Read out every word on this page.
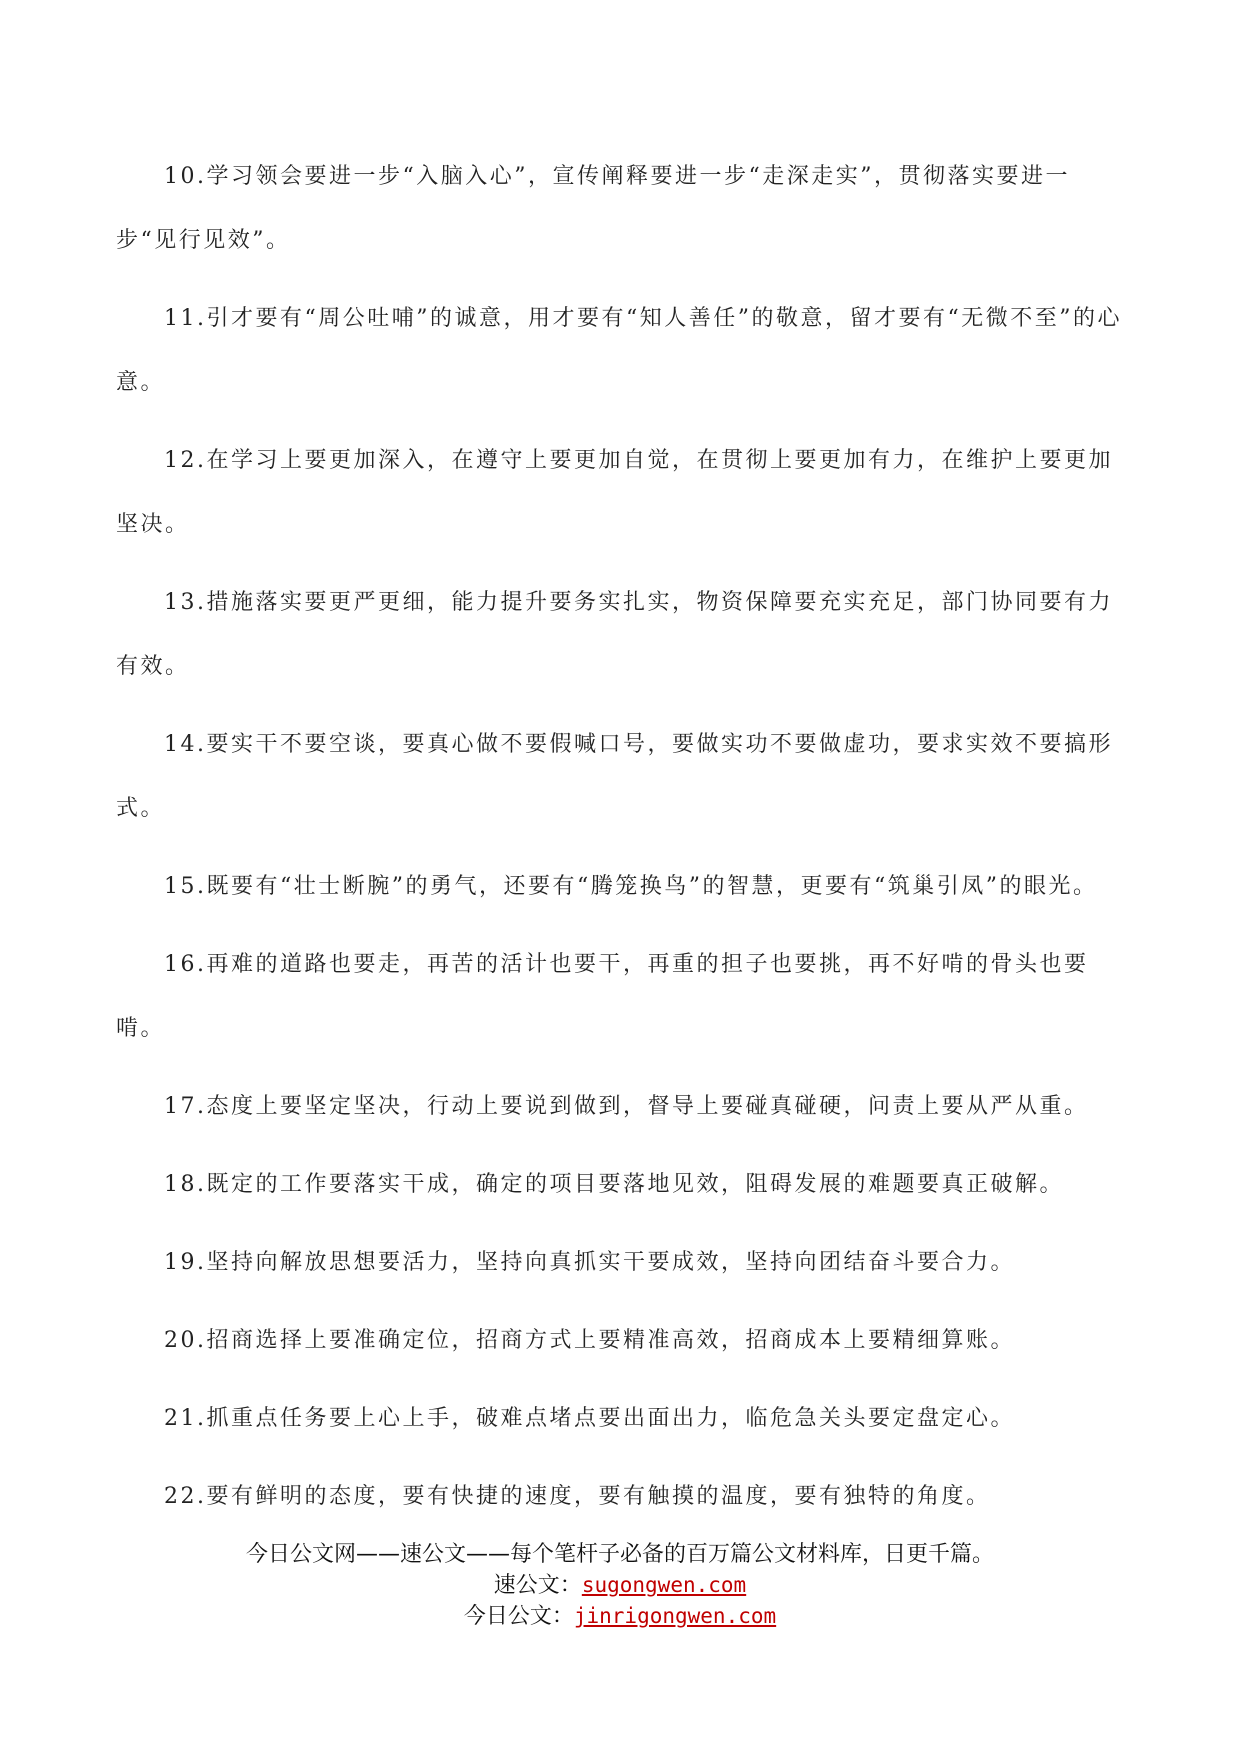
10.学习领会要进一步“入脑入心”，宣传阐释要进一步“走深走实”，贯彻落实要进一步“见行见效”。

11.引才要有“周公吐哺”的诚意，用才要有“知人善任”的敬意，留才要有“无微不至”的心意。

12.在学习上要更加深入，在遵守上要更加自觉，在贯彻上要更加有力，在维护上要更加坚决。

13.措施落实要更严更细，能力提升要务实扎实，物资保障要充实充足，部门协同要有力有效。

14.要实干不要空谈，要真心做不要假喊口号，要做实功不要做虚功，要求实效不要搞形式。

15.既要有“壮士断腕”的勇气，还要有“腾笼换鸟”的智慧，更要有“筑巢引凤”的眼光。

16.再难的道路也要走，再苦的活计也要干，再重的担子也要挑，再不好啃的骨头也要啃。

17.态度上要坚定坚决，行动上要说到做到，督导上要碰真碰硬，问责上要从严从重。

18.既定的工作要落实干成，确定的项目要落地见效，阻碍发展的难题要真正破解。

19.坚持向解放思想要活力，坚持向真抓实干要成效，坚持向团结奋斗要合力。

20.招商选择上要准确定位，招商方式上要精准高效，招商成本上要精细算账。

21.抓重点任务要上心上手，破难点堵点要出面出力，临危急关头要定盘定心。

22.要有鲜明的态度，要有快捷的速度，要有触摸的温度，要有独特的角度。

今日公文网——速公文——每个笔杆子必备的百万篇公文材料库，日更千篇。
速公文：sugongwen.com
今日公文：jinrigongwen.com
